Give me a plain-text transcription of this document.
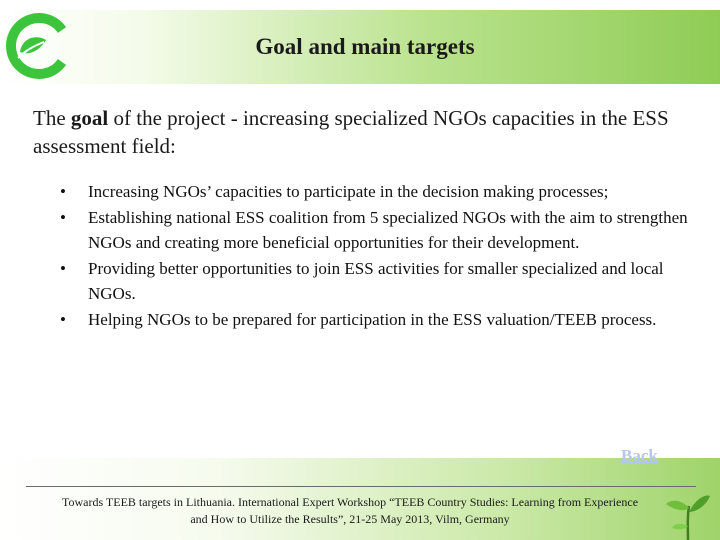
Goal and main targets
The goal of the project - increasing specialized NGOs capacities in the ESS assessment field:
• Increasing NGOs’ capacities to participate in the decision making processes;
• Establishing national ESS coalition from 5 specialized NGOs with the aim to strengthen NGOs and creating more beneficial opportunities for their development.
• Providing better opportunities to join ESS activities for smaller specialized and local NGOs.
• Helping NGOs to be prepared for participation in the ESS valuation/TEEB process.
Back
Towards TEEB targets in Lithuania. International Expert Workshop “TEEB Country Studies: Learning from Experience
and How to Utilize the Results”, 21-25 May 2013, Vilm, Germany
